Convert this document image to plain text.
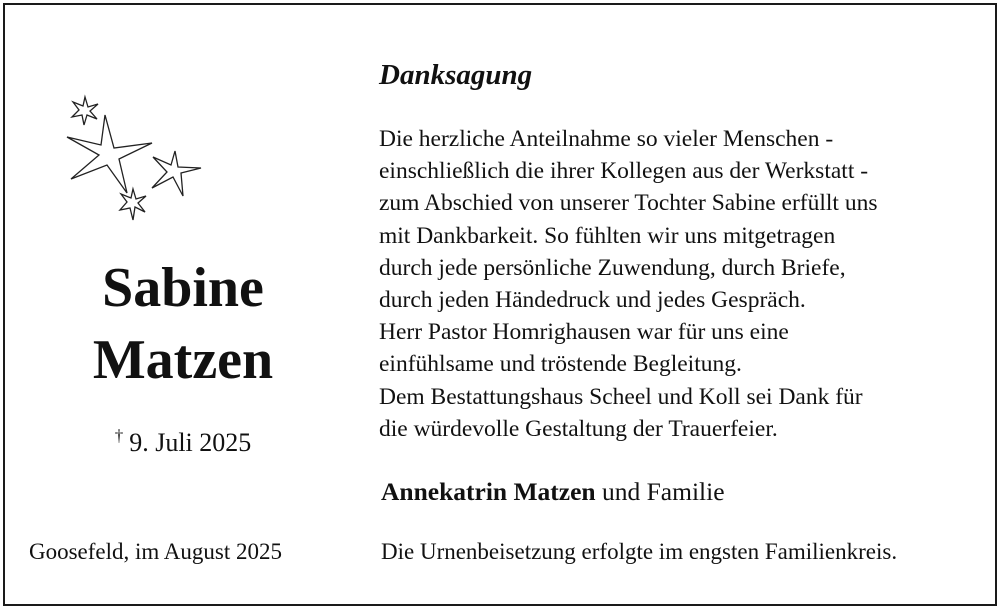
Sabine
Matzen
† 9. Juli 2025
Goosefeld, im August 2025
Danksagung
Die herzliche Anteilnahme so vieler Menschen -
einschließlich die ihrer Kollegen aus der Werkstatt -
zum Abschied von unserer Tochter Sabine erfüllt uns
mit Dankbarkeit. So fühlten wir uns mitgetragen
durch jede persönliche Zuwendung, durch Briefe,
durch jeden Händedruck und jedes Gespräch.
Herr Pastor Homrighausen war für uns eine
einfühlsame und tröstende Begleitung.
Dem Bestattungshaus Scheel und Koll sei Dank für
die würdevolle Gestaltung der Trauerfeier.
Annekatrin Matzen und Familie
Die Urnenbeisetzung erfolgte im engsten Familienkreis.
